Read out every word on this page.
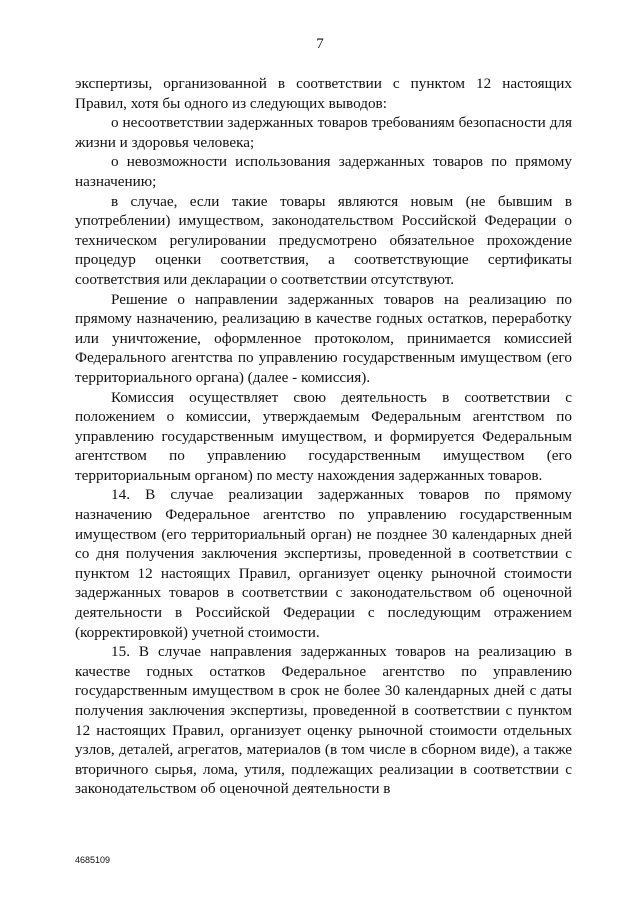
7

экспертизы, организованной в соответствии с пунктом 12 настоящих Правил, хотя бы одного из следующих выводов:

о несоответствии задержанных товаров требованиям безопасности для жизни и здоровья человека;

о невозможности использования задержанных товаров по прямому назначению;

в случае, если такие товары являются новым (не бывшим в употреблении) имуществом, законодательством Российской Федерации о техническом регулировании предусмотрено обязательное прохождение процедур оценки соответствия, а соответствующие сертификаты соответствия или декларации о соответствии отсутствуют.

Решение о направлении задержанных товаров на реализацию по прямому назначению, реализацию в качестве годных остатков, переработку или уничтожение, оформленное протоколом, принимается комиссией Федерального агентства по управлению государственным имуществом (его территориального органа) (далее - комиссия).

Комиссия осуществляет свою деятельность в соответствии с положением о комиссии, утверждаемым Федеральным агентством по управлению государственным имуществом, и формируется Федеральным агентством по управлению государственным имуществом (его территориальным органом) по месту нахождения задержанных товаров.

14. В случае реализации задержанных товаров по прямому назначению Федеральное агентство по управлению государственным имуществом (его территориальный орган) не позднее 30 календарных дней со дня получения заключения экспертизы, проведенной в соответствии с пунктом 12 настоящих Правил, организует оценку рыночной стоимости задержанных товаров в соответствии с законодательством об оценочной деятельности в Российской Федерации с последующим отражением (корректировкой) учетной стоимости.

15. В случае направления задержанных товаров на реализацию в качестве годных остатков Федеральное агентство по управлению государственным имуществом в срок не более 30 календарных дней с даты получения заключения экспертизы, проведенной в соответствии с пунктом 12 настоящих Правил, организует оценку рыночной стоимости отдельных узлов, деталей, агрегатов, материалов (в том числе в сборном виде), а также вторичного сырья, лома, утиля, подлежащих реализации в соответствии с законодательством об оценочной деятельности в

4685109
